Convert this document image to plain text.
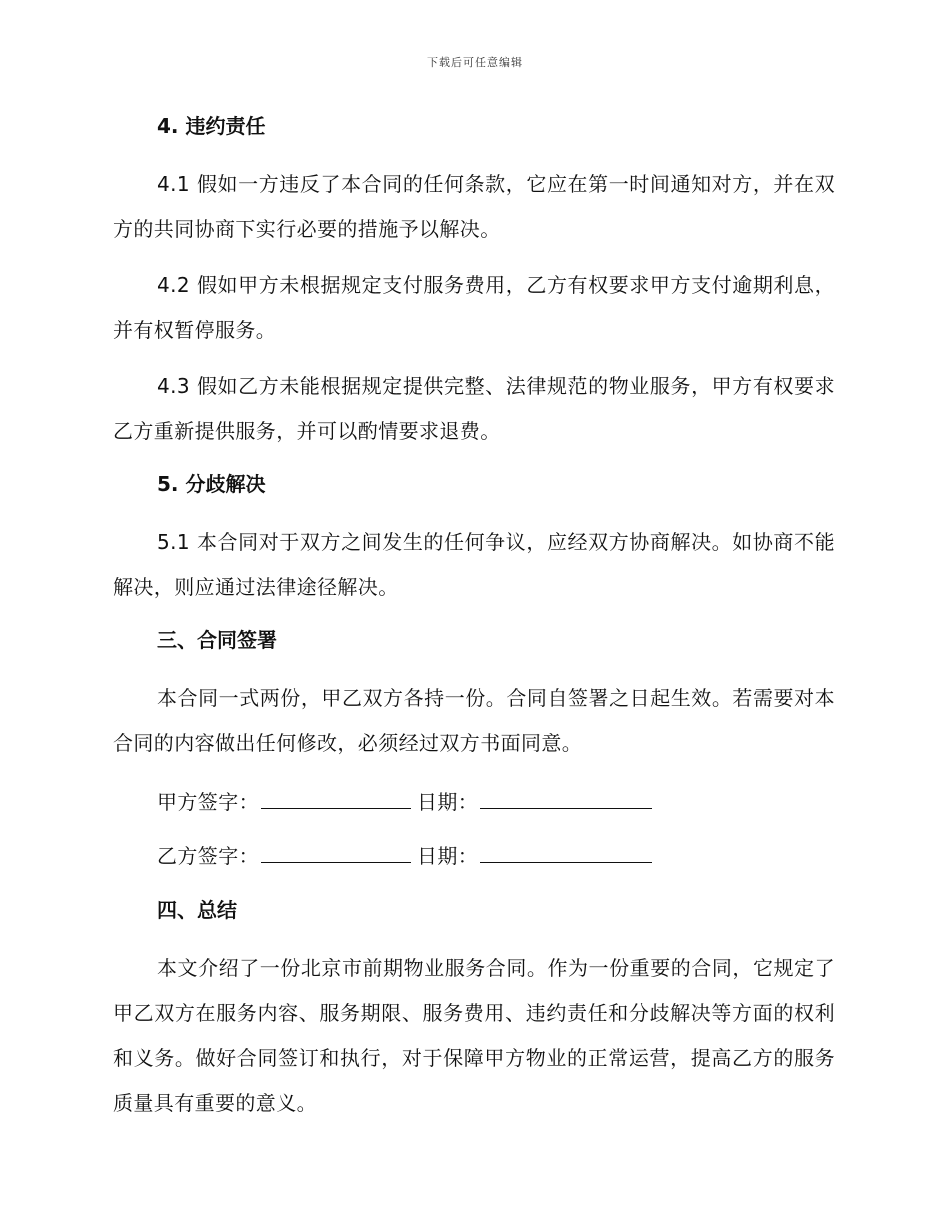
下载后可任意编辑
4. 违约责任

4.1 假如一方违反了本合同的任何条款，它应在第一时间通知对方，并在双方的共同协商下实行必要的措施予以解决。

4.2 假如甲方未根据规定支付服务费用，乙方有权要求甲方支付逾期利息，并有权暂停服务。

4.3 假如乙方未能根据规定提供完整、法律规范的物业服务，甲方有权要求乙方重新提供服务，并可以酌情要求退费。

5. 分歧解决

5.1 本合同对于双方之间发生的任何争议，应经双方协商解决。如协商不能解决，则应通过法律途径解决。

三、合同签署

本合同一式两份，甲乙双方各持一份。合同自签署之日起生效。若需要对本合同的内容做出任何修改，必须经过双方书面同意。

甲方签字：	日期：
乙方签字：	日期：
四、总结

本文介绍了一份北京市前期物业服务合同。作为一份重要的合同，它规定了甲乙双方在服务内容、服务期限、服务费用、违约责任和分歧解决等方面的权利和义务。做好合同签订和执行，对于保障甲方物业的正常运营，提高乙方的服务质量具有重要的意义。
